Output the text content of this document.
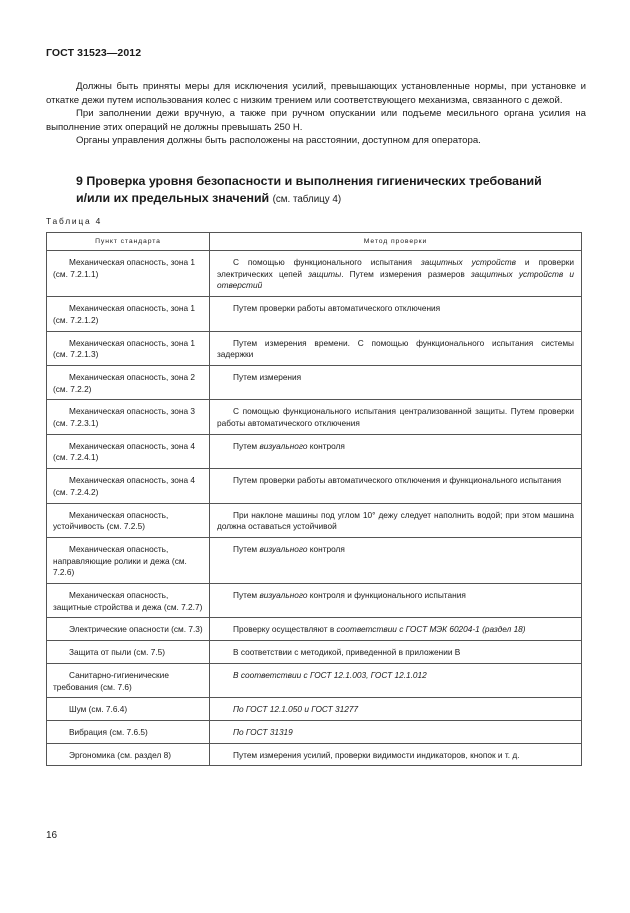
ГОСТ 31523—2012

Должны быть приняты меры для исключения усилий, превышающих установленные нормы, при установке и откатке дежи путем использования колес с низким трением или соответствующего механизма, связанного с дежой.

При заполнении дежи вручную, а также при ручном опускании или подъеме месильного органа усилия на выполнение этих операций не должны превышать 250 Н.

Органы управления должны быть расположены на расстоянии, доступном для оператора.

9 Проверка уровня безопасности и выполнения гигиенических требований
и/или их предельных значений (см. таблицу 4)

Таблица 4
Пункт стандарта	Метод проверки

Механическая опасность, зона 1 (см. 7.2.1.1)	С помощью функционального испытания защитных устройств и проверки электрических цепей защиты. Путем измерения размеров защитных устройств и отверстий

Механическая опасность, зона 1 (см. 7.2.1.2)	Путем проверки работы автоматического отключения

Механическая опасность, зона 1 (см. 7.2.1.3)	Путем измерения времени. С помощью функционального испытания системы задержки

Механическая опасность, зона 2 (см. 7.2.2)	Путем измерения

Механическая опасность, зона 3 (см. 7.2.3.1)	С помощью функционального испытания централизованной защиты. Путем проверки работы автоматического отключения

Механическая опасность, зона 4 (см. 7.2.4.1)	Путем визуального контроля

Механическая опасность, зона 4 (см. 7.2.4.2)	Путем проверки работы автоматического отключения и функционального испытания

Механическая опасность, устойчивость (см. 7.2.5)	При наклоне машины под углом 10° дежу следует наполнить водой; при этом машина должна оставаться устойчивой

Механическая опасность, направляющие ролики и дежа (см. 7.2.6)	Путем визуального контроля

Механическая опасность, защитные стройства и дежа (см. 7.2.7)	Путем визуального контроля и функционального испытания

Электрические опасности (см. 7.3)	Проверку осуществляют в соответствии с ГОСТ МЭК 60204-1 (раздел 18)

Защита от пыли (см. 7.5)	В соответствии с методикой, приведенной в приложении В

Санитарно-гигиенические требования (см. 7.6)	В соответствии с ГОСТ 12.1.003, ГОСТ 12.1.012

Шум (см. 7.6.4)	По ГОСТ 12.1.050 и ГОСТ 31277

Вибрация (см. 7.6.5)	По ГОСТ 31319

Эргономика (см. раздел 8)	Путем измерения усилий, проверки видимости индикаторов, кнопок и т. д.
16
